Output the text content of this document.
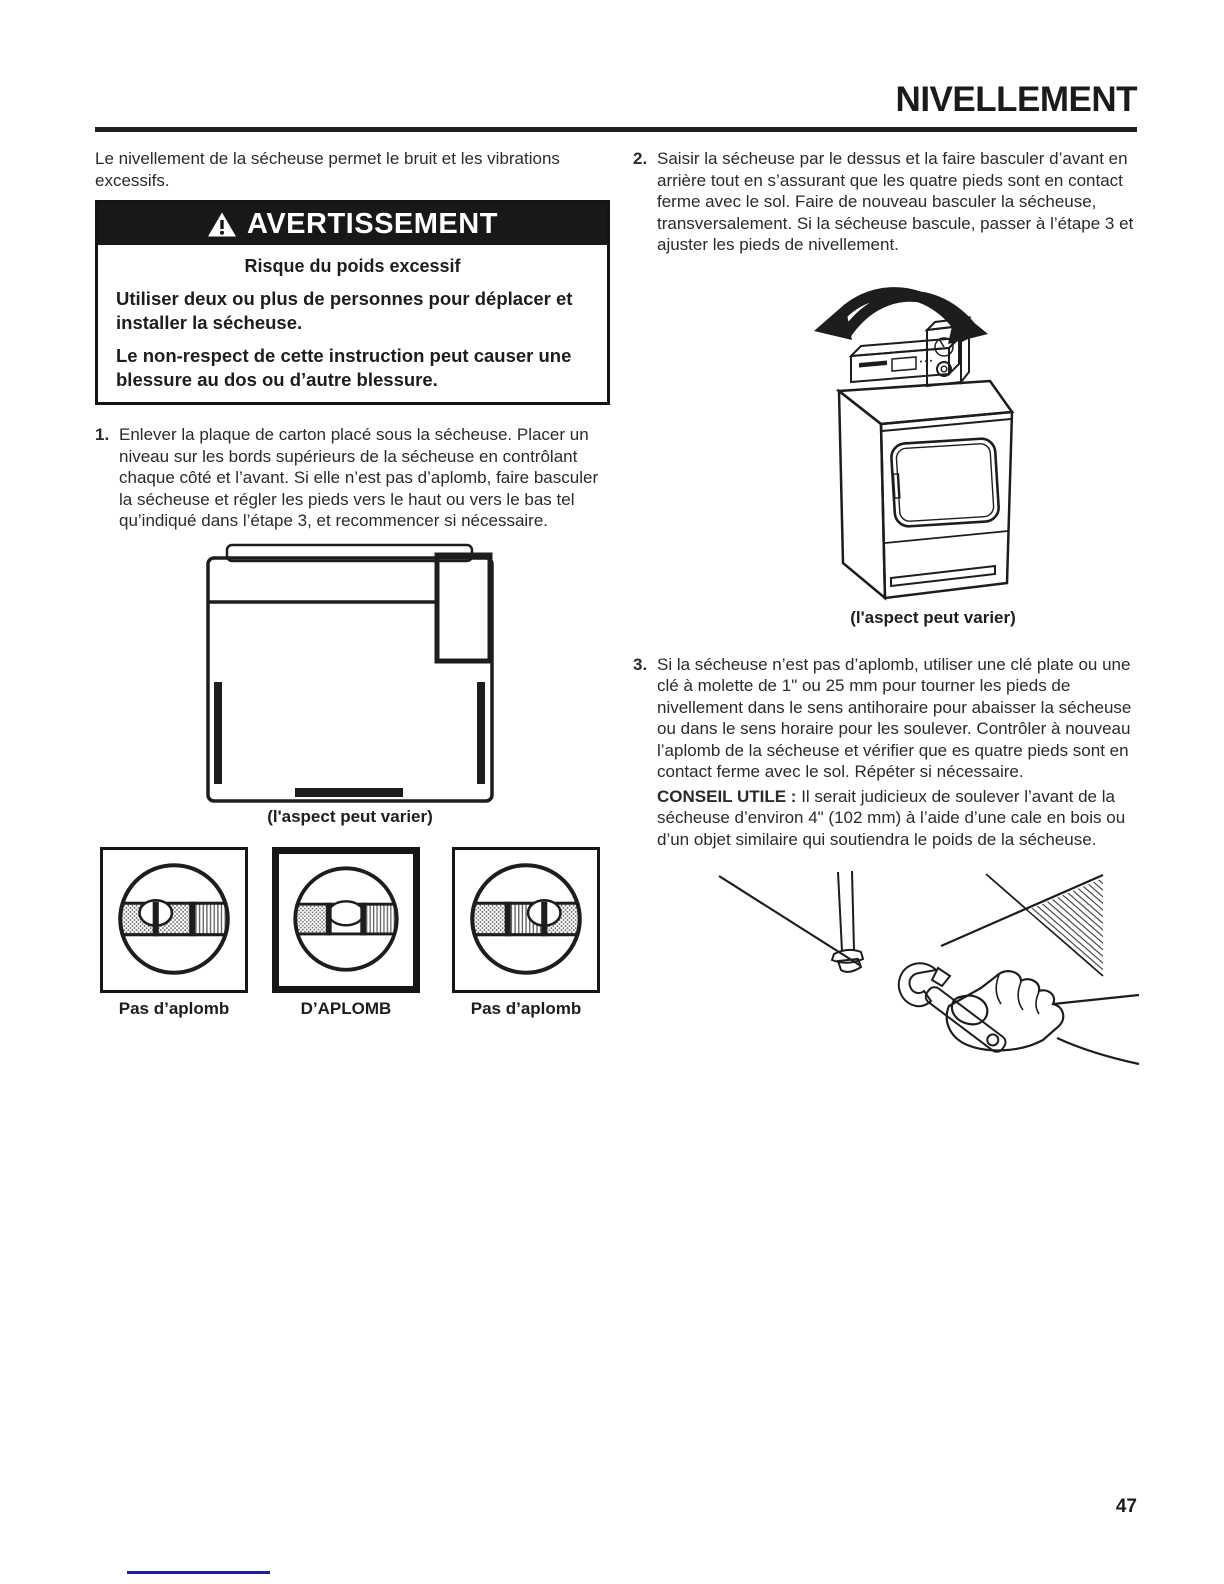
NIVELLEMENT

Le nivellement de la sécheuse permet le bruit et les vibrations excessifs.

AVERTISSEMENT

Risque du poids excessif

Utiliser deux ou plus de personnes pour déplacer et installer la sécheuse.

Le non-respect de cette instruction peut causer une blessure au dos ou d’autre blessure.

1. Enlever la plaque de carton placé sous la sécheuse. Placer un niveau sur les bords supérieurs de la sécheuse en contrôlant chaque côté et l’avant. Si elle n’est pas d’aplomb, faire basculer la sécheuse et régler les pieds vers le haut ou vers le bas tel qu’indiqué dans l’étape 3, et recommencer si nécessaire.
(l'aspect peut varier)
Pas d’aplomb	D’APLOMB	Pas d’aplomb
2. Saisir la sécheuse par le dessus et la faire basculer d’avant en arrière tout en s’assurant que les quatre pieds sont en contact ferme avec le sol. Faire de nouveau basculer la sécheuse, transversalement. Si la sécheuse bascule, passer à l’étape 3 et ajuster les pieds de nivellement.
(l'aspect peut varier)
3. Si la sécheuse n’est pas d’aplomb, utiliser une clé plate ou une clé à molette de 1" ou 25 mm pour tourner les pieds de nivellement dans le sens antihoraire pour abaisser la sécheuse ou dans le sens horaire pour les soulever. Contrôler à nouveau l’aplomb de la sécheuse et vérifier que es quatre pieds sont en contact ferme avec le sol. Répéter si nécessaire.

CONSEIL UTILE : Il serait judicieux de soulever l’avant de la sécheuse d’environ 4" (102 mm) à l’aide d’une cale en bois ou d’un objet similaire qui soutiendra le poids de la sécheuse.

47
